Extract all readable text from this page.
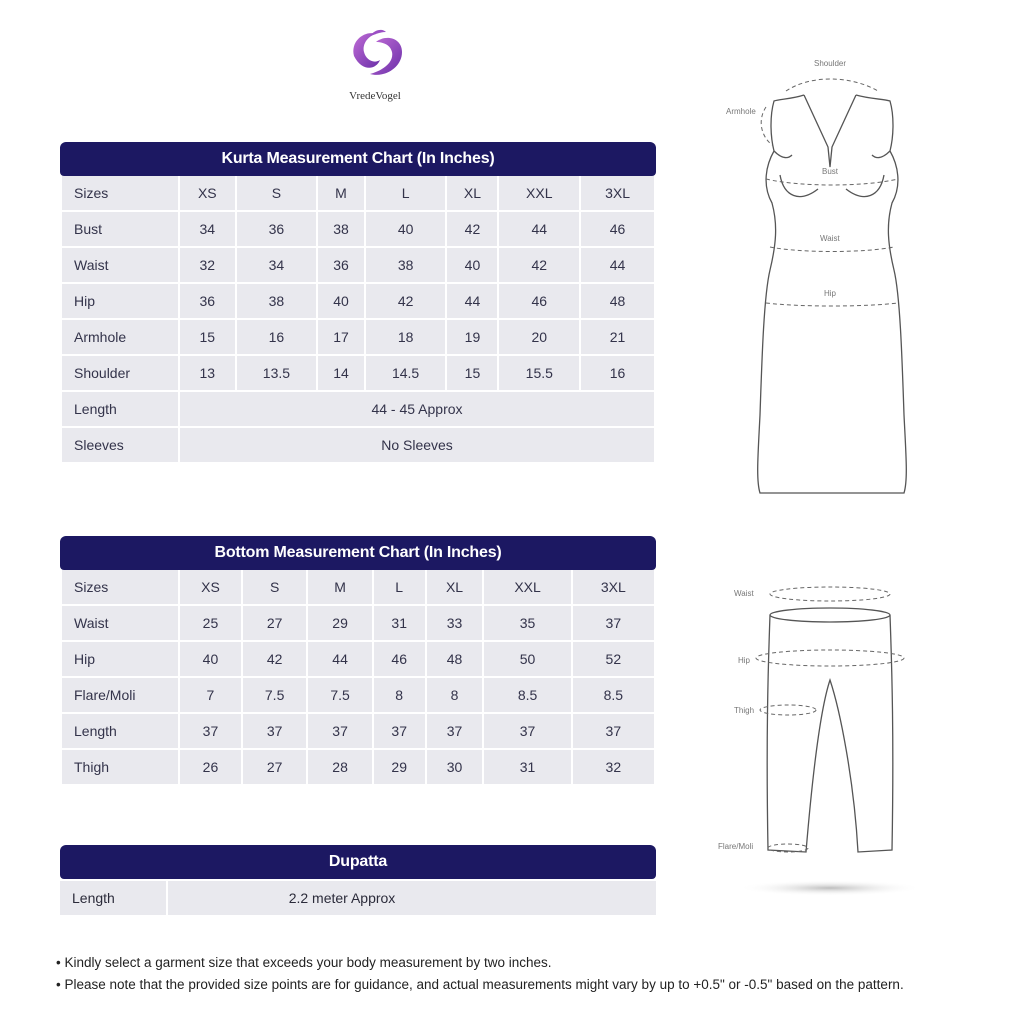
VredeVogel
Kurta Measurement Chart (In Inches)
Sizes	XS	S	M	L	XL	XXL	3XL
Bust	34	36	38	40	42	44	46
Waist	32	34	36	38	40	42	44
Hip	36	38	40	42	44	46	48
Armhole	15	16	17	18	19	20	21
Shoulder	13	13.5	14	14.5	15	15.5	16
Length	44 - 45 Approx						
Sleeves	No Sleeves						
Bottom Measurement Chart (In Inches)
Sizes	XS	S	M	L	XL	XXL	3XL
Waist	25	27	29	31	33	35	37
Hip	40	42	44	46	48	50	52
Flare/Moli	7	7.5	7.5	8	8	8.5	8.5
Length	37	37	37	37	37	37	37
Thigh	26	27	28	29	30	31	32
Dupatta
Length	2.2 meter Approx
Shoulder
Armhole
Bust
Waist
Hip
Waist
Hip
Thigh
Flare/Moli
• Kindly select a garment size that exceeds your body measurement by two inches.
• Please note that the provided size points are for guidance, and actual measurements might vary by up to +0.5" or -0.5" based on the pattern.
